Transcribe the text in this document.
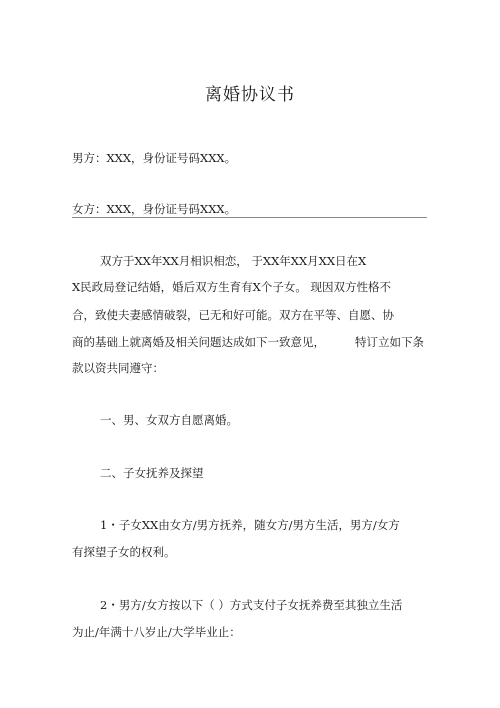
离婚协议书
男方：XXX，身份证号码XXX。
女方：XXX，身份证号码XXX。
双方于XX年XX月相识相恋， 于XX年XX月XX日在X
X民政局登记结婚，婚后双方生育有X个子女。 现因双方性格不
合，致使夫妻感情破裂，已无和好可能。双方在平等、自愿、协
商的基础上就离婚及相关问题达成如下一致意见，	特订立如下条
款以资共同遵守：
一、男、女双方自愿离婚。
二、子女抚养及探望
1・子女XX由女方/男方抚养，随女方/男方生活，男方/女方
有探望子女的权利。
2・男方/女方按以下（ ）方式支付子女抚养费至其独立生活
为止/年满十八岁止/大学毕业止：
